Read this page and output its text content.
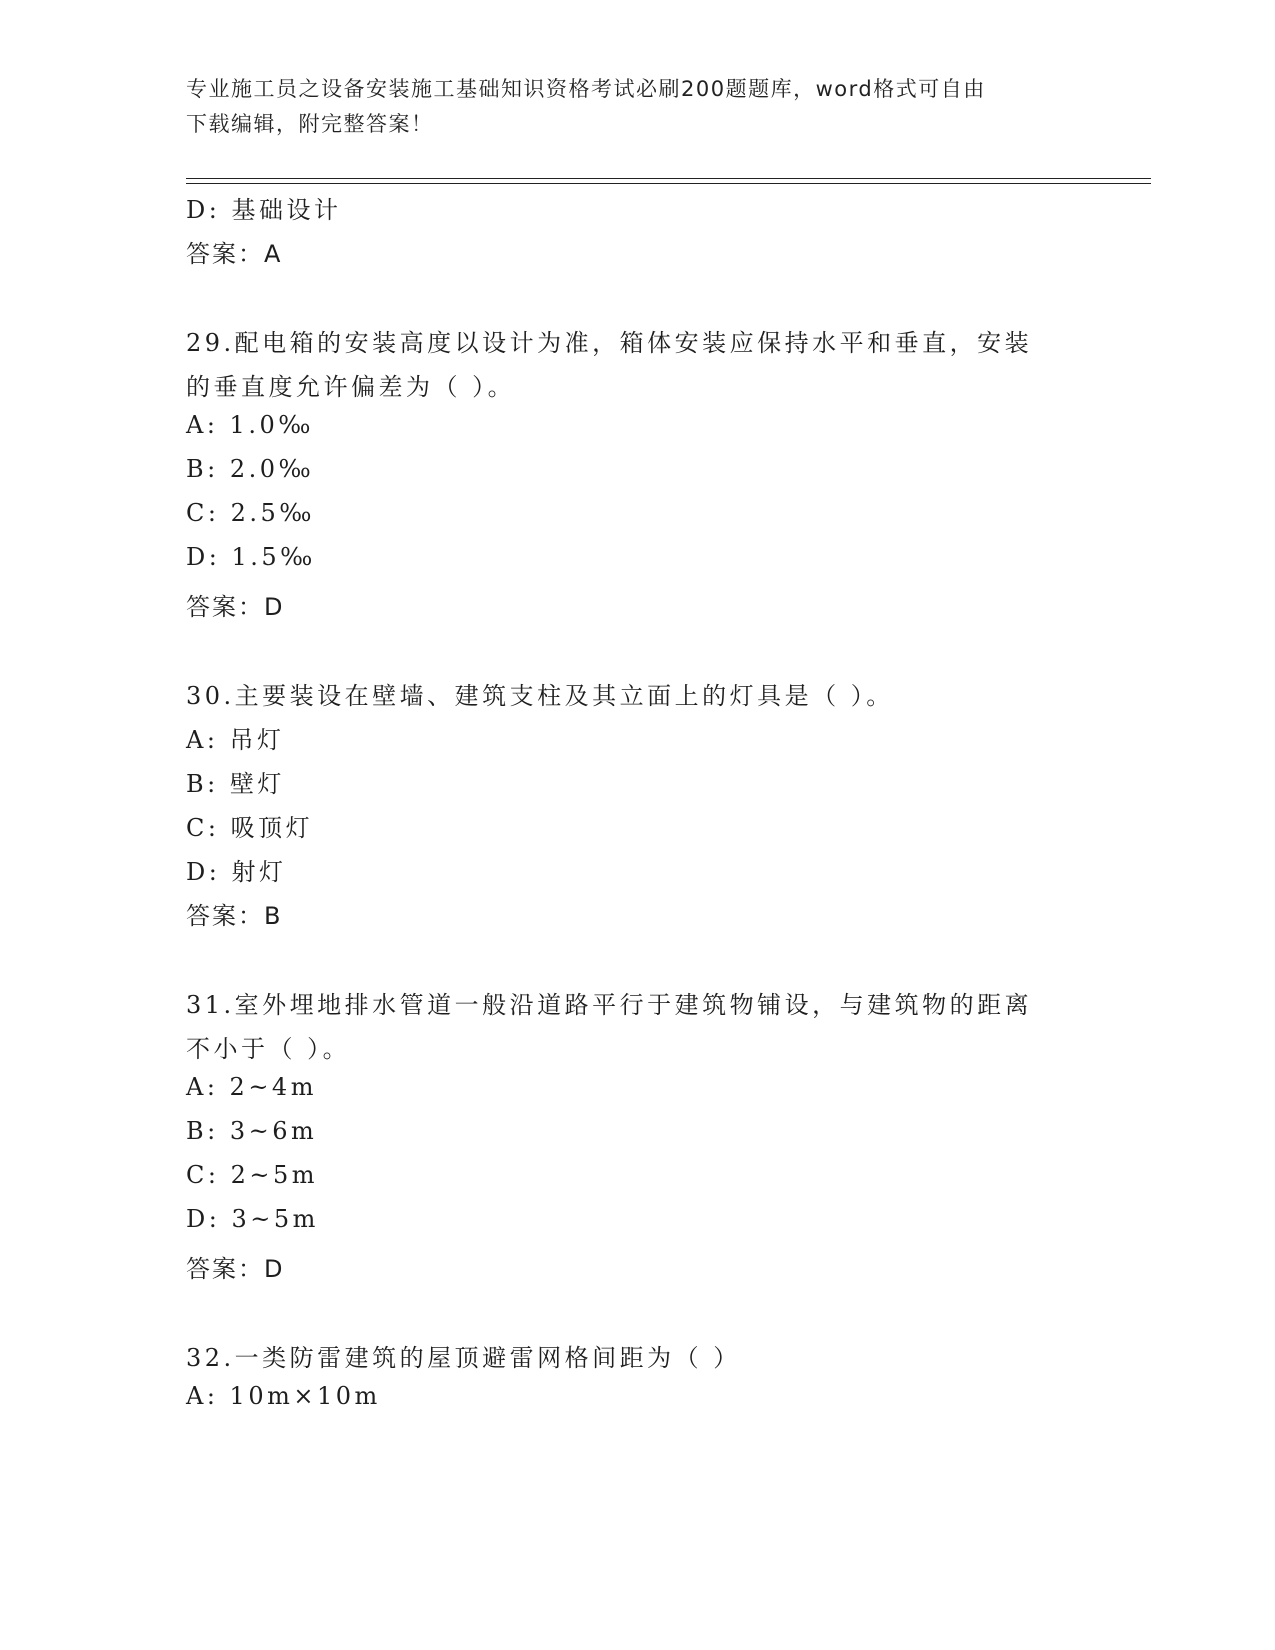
专业施工员之设备安装施工基础知识资格考试必刷200题题库，word格式可自由
下载编辑，附完整答案！
D: 基础设计
答案：A
29.配电箱的安装高度以设计为准，箱体安装应保持水平和垂直，安装
的垂直度允许偏差为（ ）。
A: 1.0‰
B: 2.0‰
C: 2.5‰
D: 1.5‰
答案：D
30.主要装设在壁墙、建筑支柱及其立面上的灯具是（ ）。
A: 吊灯
B: 壁灯
C: 吸顶灯
D: 射灯
答案：B
31.室外埋地排水管道一般沿道路平行于建筑物铺设，与建筑物的距离
不小于（ ）。
A: 2~4m
B: 3~6m
C: 2~5m
D: 3~5m
答案：D
32.一类防雷建筑的屋顶避雷网格间距为（ ）
A: 10m×10m
